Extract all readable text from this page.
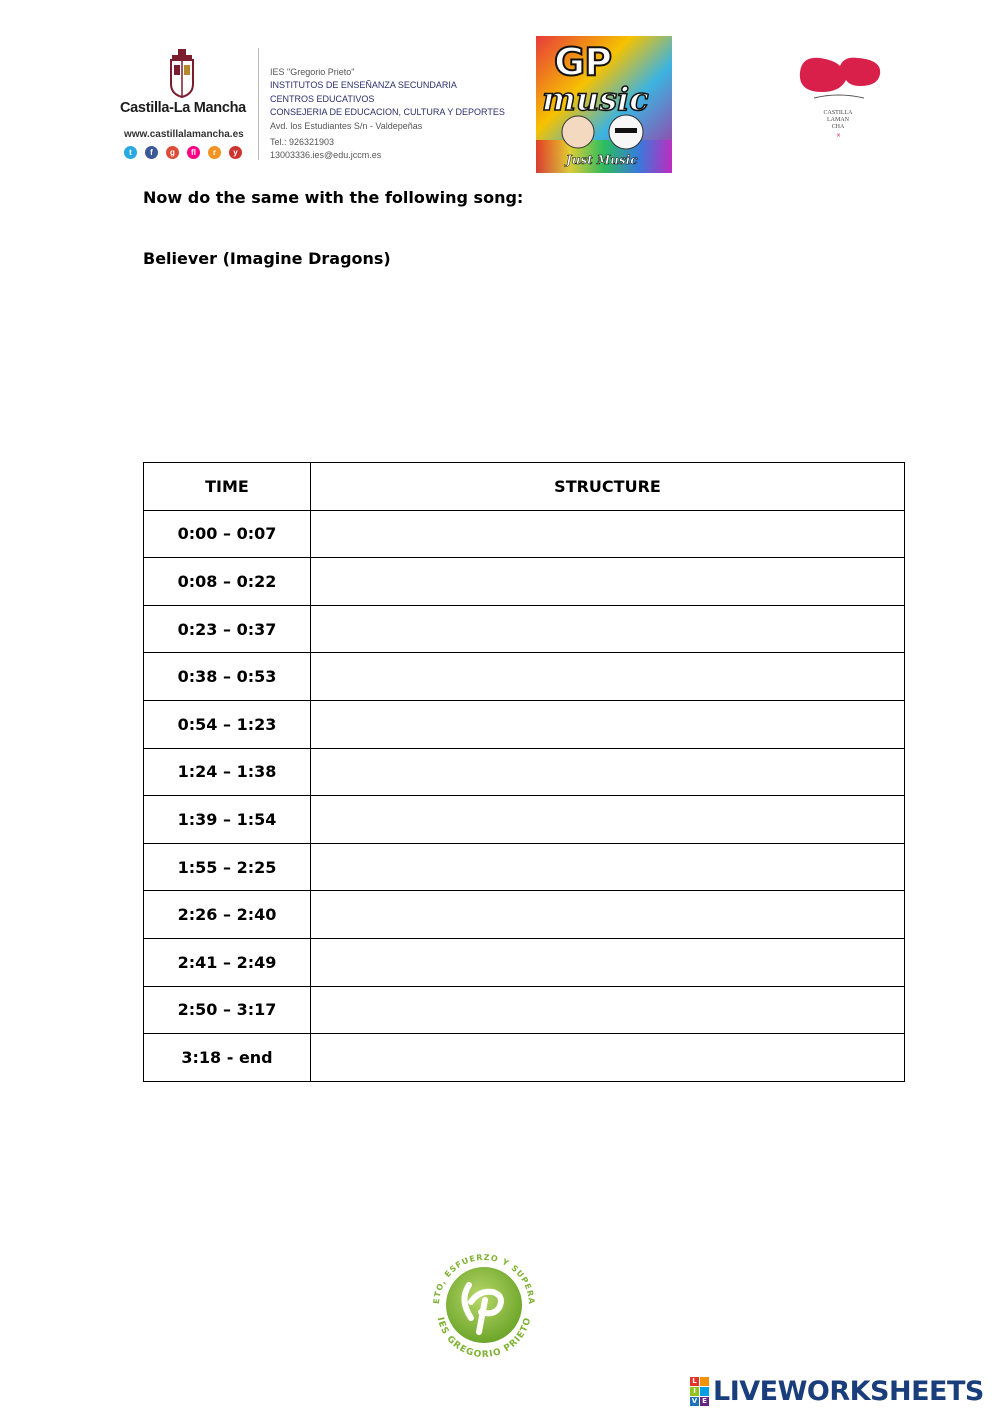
Castilla-La Mancha
www.castillalamancha.es
t	f	g	fl	r	y
IES "Gregorio Prieto"
INSTITUTOS DE ENSEÑANZA SECUNDARIA
CENTROS EDUCATIVOS
CONSEJERIA DE EDUCACION, CULTURA Y DEPORTES
Avd. los Estudiantes S/n - Valdepeñas
Tel.: 926321903
13003336.ies@edu.jccm.es
GP
music
Just Music
CASTILLA
LAMAN
CHA
×
Now do the same with the following song:
Believer (Imagine Dragons)
TIME	STRUCTURE
0:00 – 0:07	
0:08 – 0:22	
0:23 – 0:37	
0:38 – 0:53	
0:54 – 1:23	
1:24 – 1:38	
1:39 – 1:54	
1:55 – 2:25	
2:26 – 2:40	
2:41 – 2:49	
2:50 – 3:17	
3:18 - end	
ETO, ESFUERZO Y SUPERA
IES GREGORIO PRIETO
L
I
V E LIVEWORKSHEETS
